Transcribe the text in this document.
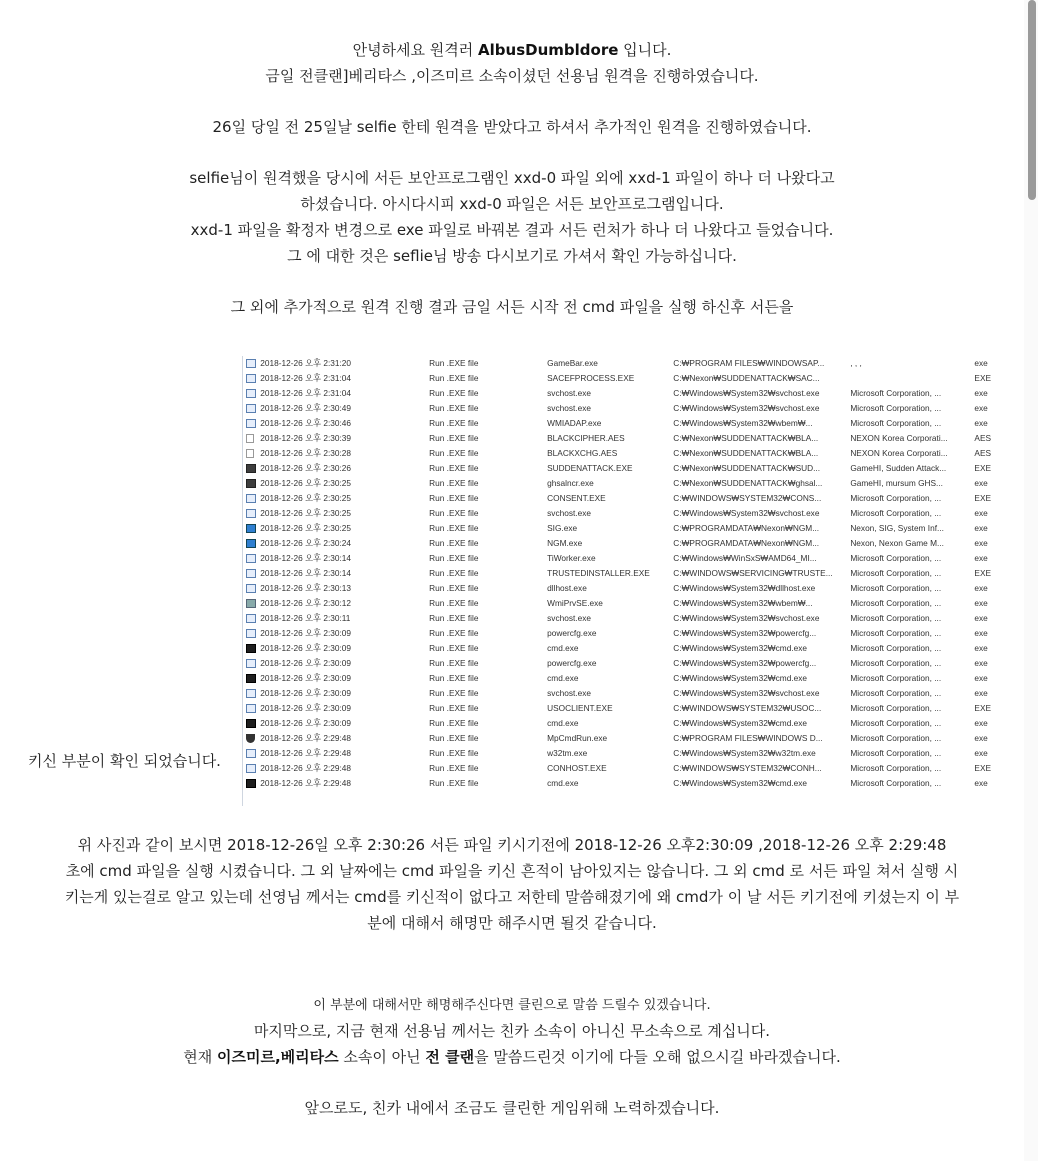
안녕하세요 원격러 AlbusDumbldore 입니다.

금일 전클랜]베리타스 ,이즈미르 소속이셨던 선용님 원격을 진행하였습니다.

26일 당일 전 25일날 selfie 한테 원격을 받았다고 하셔서 추가적인 원격을 진행하였습니다.

selfie님이 원격했을 당시에 서든 보안프로그램인 xxd-0 파일 외에 xxd-1 파일이 하나 더 나왔다고

하셨습니다. 아시다시피 xxd-0 파일은 서든 보안프로그램입니다.

xxd-1 파일을 확정자 변경으로 exe 파일로 바꿔본 결과 서든 런처가 하나 더 나왔다고 들었습니다.

그 에 대한 것은 seflie님 방송 다시보기로 가셔서 확인 가능하십니다.

그 외에 추가적으로 원격 진행 결과 금일 서든 시작 전 cmd 파일을 실행 하신후 서든을

키신 부분이 확인 되었습니다.
	2018-12-26 오후 2:31:20	Run .EXE file	GameBar.exe	C:₩PROGRAM FILES₩WINDOWSAP...	, , ,	exe
	2018-12-26 오후 2:31:04	Run .EXE file	SACEFPROCESS.EXE	C:₩Nexon₩SUDDENATTACK₩SAC...		EXE
	2018-12-26 오후 2:31:04	Run .EXE file	svchost.exe	C:₩Windows₩System32₩svchost.exe	Microsoft Corporation, ...	exe
	2018-12-26 오후 2:30:49	Run .EXE file	svchost.exe	C:₩Windows₩System32₩svchost.exe	Microsoft Corporation, ...	exe
	2018-12-26 오후 2:30:46	Run .EXE file	WMIADAP.exe	C:₩Windows₩System32₩wbem₩...	Microsoft Corporation, ...	exe
	2018-12-26 오후 2:30:39	Run .EXE file	BLACKCIPHER.AES	C:₩Nexon₩SUDDENATTACK₩BLA...	NEXON Korea Corporati...	AES
	2018-12-26 오후 2:30:28	Run .EXE file	BLACKXCHG.AES	C:₩Nexon₩SUDDENATTACK₩BLA...	NEXON Korea Corporati...	AES
	2018-12-26 오후 2:30:26	Run .EXE file	SUDDENATTACK.EXE	C:₩Nexon₩SUDDENATTACK₩SUD...	GameHI, Sudden Attack...	EXE
	2018-12-26 오후 2:30:25	Run .EXE file	ghsalncr.exe	C:₩Nexon₩SUDDENATTACK₩ghsal...	GameHI, mursum GHS...	exe
	2018-12-26 오후 2:30:25	Run .EXE file	CONSENT.EXE	C:₩WINDOWS₩SYSTEM32₩CONS...	Microsoft Corporation, ...	EXE
	2018-12-26 오후 2:30:25	Run .EXE file	svchost.exe	C:₩Windows₩System32₩svchost.exe	Microsoft Corporation, ...	exe
	2018-12-26 오후 2:30:25	Run .EXE file	SIG.exe	C:₩PROGRAMDATA₩Nexon₩NGM...	Nexon, SIG, System Inf...	exe
	2018-12-26 오후 2:30:24	Run .EXE file	NGM.exe	C:₩PROGRAMDATA₩Nexon₩NGM...	Nexon, Nexon Game M...	exe
	2018-12-26 오후 2:30:14	Run .EXE file	TiWorker.exe	C:₩Windows₩WinSxS₩AMD64_MI...	Microsoft Corporation, ...	exe
	2018-12-26 오후 2:30:14	Run .EXE file	TRUSTEDINSTALLER.EXE	C:₩WINDOWS₩SERVICING₩TRUSTE...	Microsoft Corporation, ...	EXE
	2018-12-26 오후 2:30:13	Run .EXE file	dllhost.exe	C:₩Windows₩System32₩dllhost.exe	Microsoft Corporation, ...	exe
	2018-12-26 오후 2:30:12	Run .EXE file	WmiPrvSE.exe	C:₩Windows₩System32₩wbem₩...	Microsoft Corporation, ...	exe
	2018-12-26 오후 2:30:11	Run .EXE file	svchost.exe	C:₩Windows₩System32₩svchost.exe	Microsoft Corporation, ...	exe
	2018-12-26 오후 2:30:09	Run .EXE file	powercfg.exe	C:₩Windows₩System32₩powercfg...	Microsoft Corporation, ...	exe
	2018-12-26 오후 2:30:09	Run .EXE file	cmd.exe	C:₩Windows₩System32₩cmd.exe	Microsoft Corporation, ...	exe
	2018-12-26 오후 2:30:09	Run .EXE file	powercfg.exe	C:₩Windows₩System32₩powercfg...	Microsoft Corporation, ...	exe
	2018-12-26 오후 2:30:09	Run .EXE file	cmd.exe	C:₩Windows₩System32₩cmd.exe	Microsoft Corporation, ...	exe
	2018-12-26 오후 2:30:09	Run .EXE file	svchost.exe	C:₩Windows₩System32₩svchost.exe	Microsoft Corporation, ...	exe
	2018-12-26 오후 2:30:09	Run .EXE file	USOCLIENT.EXE	C:₩WINDOWS₩SYSTEM32₩USOC...	Microsoft Corporation, ...	EXE
	2018-12-26 오후 2:30:09	Run .EXE file	cmd.exe	C:₩Windows₩System32₩cmd.exe	Microsoft Corporation, ...	exe
	2018-12-26 오후 2:29:48	Run .EXE file	MpCmdRun.exe	C:₩PROGRAM FILES₩WINDOWS D...	Microsoft Corporation, ...	exe
	2018-12-26 오후 2:29:48	Run .EXE file	w32tm.exe	C:₩Windows₩System32₩w32tm.exe	Microsoft Corporation, ...	exe
	2018-12-26 오후 2:29:48	Run .EXE file	CONHOST.EXE	C:₩WINDOWS₩SYSTEM32₩CONH...	Microsoft Corporation, ...	EXE
	2018-12-26 오후 2:29:48	Run .EXE file	cmd.exe	C:₩Windows₩System32₩cmd.exe	Microsoft Corporation, ...	exe

위 사진과 같이 보시면 2018-12-26일 오후 2:30:26 서든 파일 키시기전에 2018-12-26 오후2:30:09 ,2018-12-26 오후 2:29:48

초에 cmd 파일을 실행 시켰습니다. 그 외 날짜에는 cmd 파일을 키신 흔적이 남아있지는 않습니다. 그 외 cmd 로 서든 파일 쳐서 실행 시

키는게 있는걸로 알고 있는데 선영님 께서는 cmd를 키신적이 없다고 저한테 말씀해졌기에 왜 cmd가 이 날 서든 키기전에 키셨는지 이 부

분에 대해서 해명만 해주시면 될것 같습니다.

이 부분에 대해서만 해명해주신다면 클린으로 말씀 드릴수 있겠습니다.

마지막으로, 지금 현재 선용님 께서는 친카 소속이 아니신 무소속으로 계십니다.

현재 이즈미르,베리타스 소속이 아닌 전 클랜을 말씀드린것 이기에 다들 오해 없으시길 바라겠습니다.

앞으로도, 친카 내에서 조금도 클린한 게임위해 노력하겠습니다.
